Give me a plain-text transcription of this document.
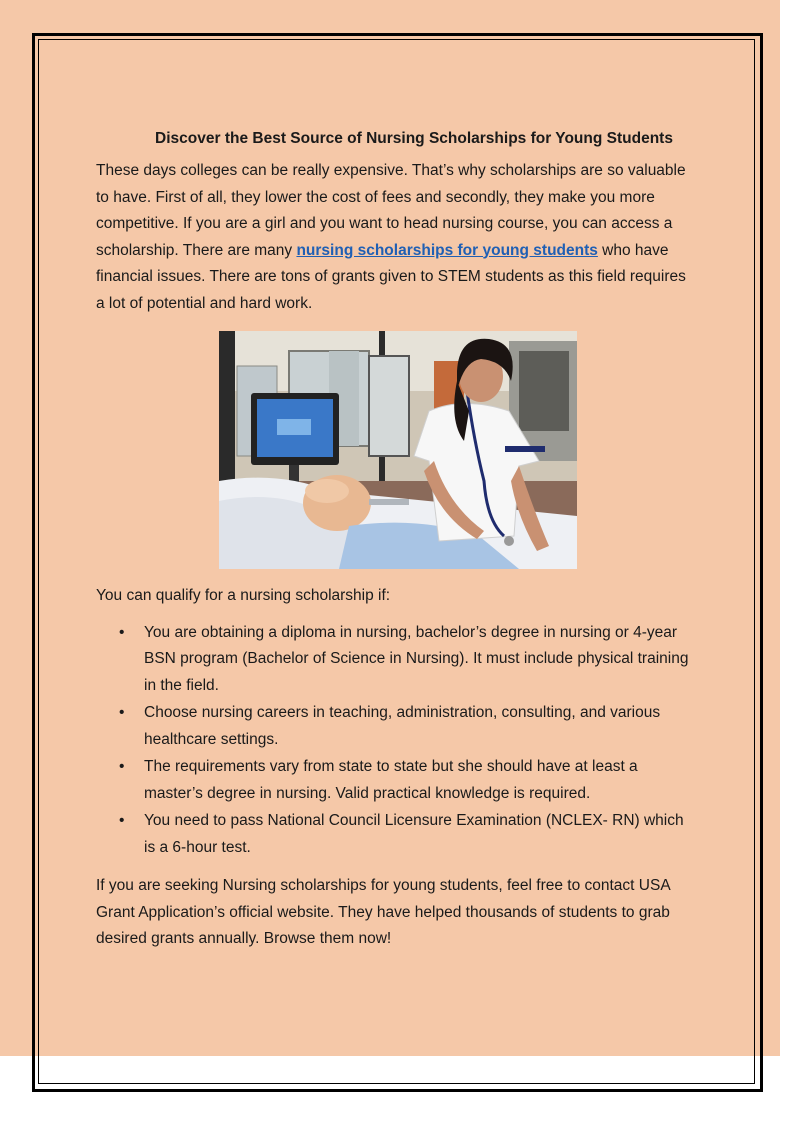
Discover the Best Source of Nursing Scholarships for Young Students

These days colleges can be really expensive. That’s why scholarships are so valuable to have. First of all, they lower the cost of fees and secondly, they make you more competitive. If you are a girl and you want to head nursing course, you can access a scholarship. There are many nursing scholarships for young students who have financial issues. There are tons of grants given to STEM students as this field requires a lot of potential and hard work.

You can qualify for a nursing scholarship if:

• You are obtaining a diploma in nursing, bachelor’s degree in nursing or 4-year BSN program (Bachelor of Science in Nursing). It must include physical training in the field.
• Choose nursing careers in teaching, administration, consulting, and various healthcare settings.
• The requirements vary from state to state but she should have at least a master’s degree in nursing. Valid practical knowledge is required.
• You need to pass National Council Licensure Examination (NCLEX- RN) which is a 6-hour test.

If you are seeking Nursing scholarships for young students, feel free to contact USA Grant Application’s official website. They have helped thousands of students to grab desired grants annually. Browse them now!
